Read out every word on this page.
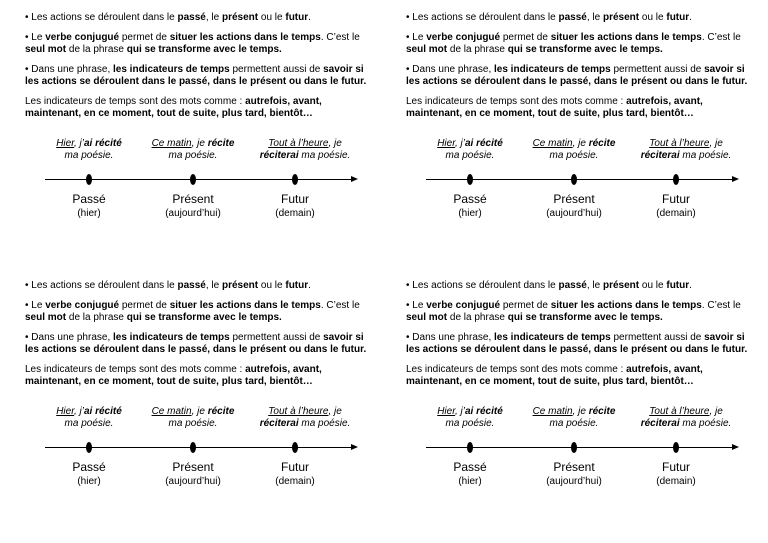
• Les actions se déroulent dans le passé, le présent ou le futur.

• Le verbe conjugué permet de situer les actions dans le temps. C’est le seul mot de la phrase qui se transforme avec le temps.

• Dans une phrase, les indicateurs de temps permettent aussi de savoir si les actions se déroulent dans le passé, dans le présent ou dans le futur.

Les indicateurs de temps sont des mots comme : autrefois, avant, maintenant, en ce moment, tout de suite, plus tard, bientôt…

Hier, j’ai récité
ma poésie.
Ce matin, je récite
ma poésie.
Tout à l’heure, je
réciterai ma poésie.
Passé
(hier)
Présent
(aujourd’hui)
Futur
(demain)

• Les actions se déroulent dans le passé, le présent ou le futur.

• Le verbe conjugué permet de situer les actions dans le temps. C’est le seul mot de la phrase qui se transforme avec le temps.

• Dans une phrase, les indicateurs de temps permettent aussi de savoir si les actions se déroulent dans le passé, dans le présent ou dans le futur.

Les indicateurs de temps sont des mots comme : autrefois, avant, maintenant, en ce moment, tout de suite, plus tard, bientôt…

Hier, j’ai récité
ma poésie.
Ce matin, je récite
ma poésie.
Tout à l’heure, je
réciterai ma poésie.
Passé
(hier)
Présent
(aujourd’hui)
Futur
(demain)

• Les actions se déroulent dans le passé, le présent ou le futur.

• Le verbe conjugué permet de situer les actions dans le temps. C’est le seul mot de la phrase qui se transforme avec le temps.

• Dans une phrase, les indicateurs de temps permettent aussi de savoir si les actions se déroulent dans le passé, dans le présent ou dans le futur.

Les indicateurs de temps sont des mots comme : autrefois, avant, maintenant, en ce moment, tout de suite, plus tard, bientôt…

Hier, j’ai récité
ma poésie.
Ce matin, je récite
ma poésie.
Tout à l’heure, je
réciterai ma poésie.
Passé
(hier)
Présent
(aujourd’hui)
Futur
(demain)

• Les actions se déroulent dans le passé, le présent ou le futur.

• Le verbe conjugué permet de situer les actions dans le temps. C’est le seul mot de la phrase qui se transforme avec le temps.

• Dans une phrase, les indicateurs de temps permettent aussi de savoir si les actions se déroulent dans le passé, dans le présent ou dans le futur.

Les indicateurs de temps sont des mots comme : autrefois, avant, maintenant, en ce moment, tout de suite, plus tard, bientôt…

Hier, j’ai récité
ma poésie.
Ce matin, je récite
ma poésie.
Tout à l’heure, je
réciterai ma poésie.
Passé
(hier)
Présent
(aujourd’hui)
Futur
(demain)
